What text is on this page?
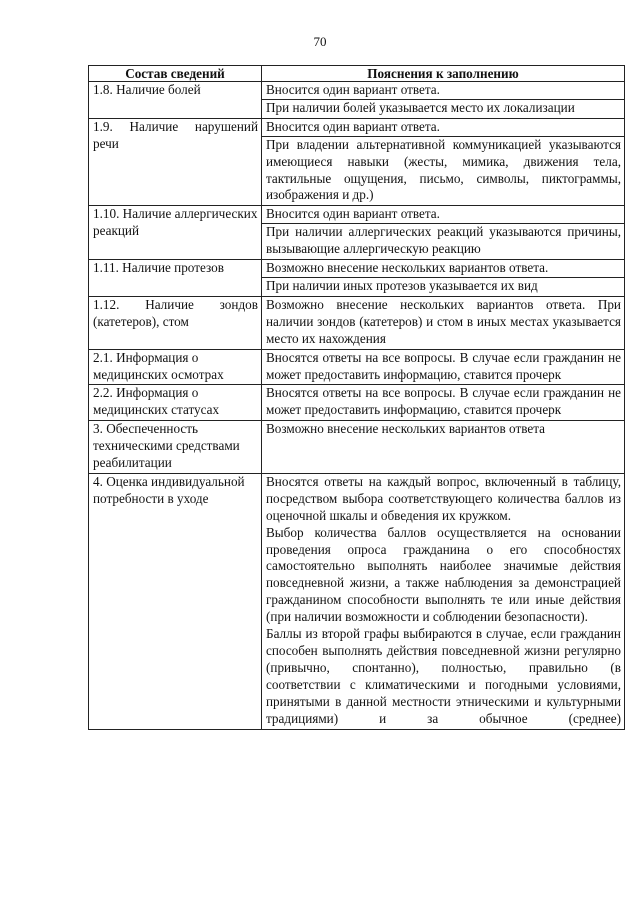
70
Состав сведений	Пояснения к заполнению
1.8. Наличие болей	Вносится один вариант ответа.
При наличии болей указывается место их локализации

1.9. Наличие нарушений речи	Вносится один вариант ответа.
При владении альтернативной коммуникацией указываются имеющиеся навыки (жесты, мимика, движения тела, тактильные ощущения, письмо, символы, пиктограммы, изображения и др.)

1.10. Наличие аллергических реакций	Вносится один вариант ответа.
При наличии аллергических реакций указываются причины, вызывающие аллергическую реакцию

1.11. Наличие протезов	Возможно внесение нескольких вариантов ответа.
При наличии иных протезов указывается их вид

1.12. Наличие зондов (катетеров), стом	Возможно внесение нескольких вариантов ответа. При наличии зондов (катетеров) и стом в иных местах указывается место их нахождения

2.1. Информация о медицинских осмотрах	Вносятся ответы на все вопросы. В случае если гражданин не может предоставить информацию, ставится прочерк

2.2. Информация о медицинских статусах	Вносятся ответы на все вопросы. В случае если гражданин не может предоставить информацию, ставится прочерк

3. Обеспеченность техническими средствами реабилитации	Возможно внесение нескольких вариантов ответа

4. Оценка индивидуальной потребности в уходе	Вносятся ответы на каждый вопрос, включенный в таблицу, посредством выбора соответствующего количества баллов из оценочной шкалы и обведения их кружком.
Выбор количества баллов осуществляется на основании проведения опроса гражданина о его способностях самостоятельно выполнять наиболее значимые действия повседневной жизни, а также наблюдения за демонстрацией гражданином способности выполнять те или иные действия (при наличии возможности и соблюдении безопасности).
Баллы из второй графы выбираются в случае, если гражданин способен выполнять действия повседневной жизни регулярно (привычно, спонтанно), полностью, правильно (в соответствии с климатическими и погодными условиями, принятыми в данной местности этническими и культурными традициями) и за обычное (среднее)
